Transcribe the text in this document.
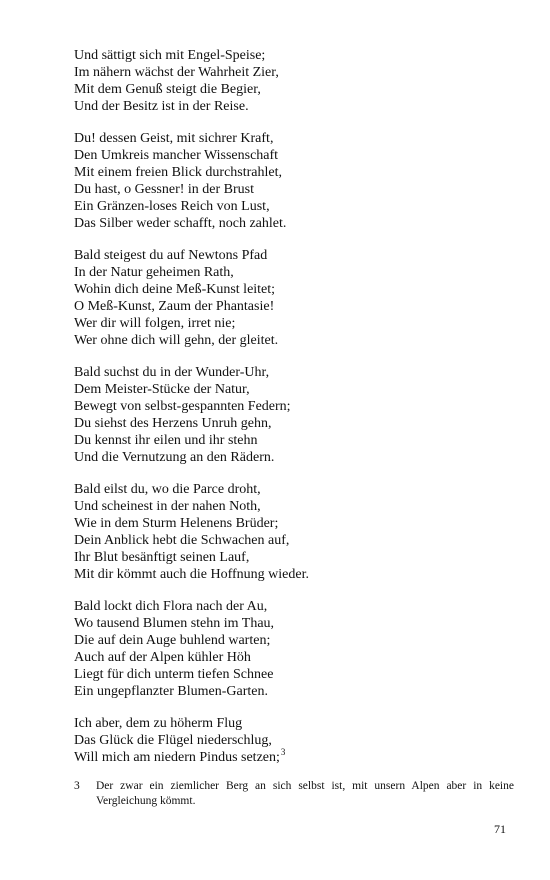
Und sättigt sich mit Engel-Speise;
Im nähern wächst der Wahrheit Zier,
Mit dem Genuß steigt die Begier,
Und der Besitz ist in der Reise.
Du! dessen Geist, mit sichrer Kraft,
Den Umkreis mancher Wissenschaft
Mit einem freien Blick durchstrahlet,
Du hast, o Gessner! in der Brust
Ein Gränzen-loses Reich von Lust,
Das Silber weder schafft, noch zahlet.
Bald steigest du auf Newtons Pfad
In der Natur geheimen Rath,
Wohin dich deine Meß-Kunst leitet;
O Meß-Kunst, Zaum der Phantasie!
Wer dir will folgen, irret nie;
Wer ohne dich will gehn, der gleitet.
Bald suchst du in der Wunder-Uhr,
Dem Meister-Stücke der Natur,
Bewegt von selbst-gespannten Federn;
Du siehst des Herzens Unruh gehn,
Du kennst ihr eilen und ihr stehn
Und die Vernutzung an den Rädern.
Bald eilst du, wo die Parce droht,
Und scheinest in der nahen Noth,
Wie in dem Sturm Helenens Brüder;
Dein Anblick hebt die Schwachen auf,
Ihr Blut besänftigt seinen Lauf,
Mit dir kömmt auch die Hoffnung wieder.
Bald lockt dich Flora nach der Au,
Wo tausend Blumen stehn im Thau,
Die auf dein Auge buhlend warten;
Auch auf der Alpen kühler Höh
Liegt für dich unterm tiefen Schnee
Ein ungepflanzter Blumen-Garten.
Ich aber, dem zu höherm Flug
Das Glück die Flügel niederschlug,
Will mich am niedern Pindus setzen;$^3$
3 Der zwar ein ziemlicher Berg an sich selbst ist, mit unsern Alpen aber in keine Vergleichung kömmt.
71
